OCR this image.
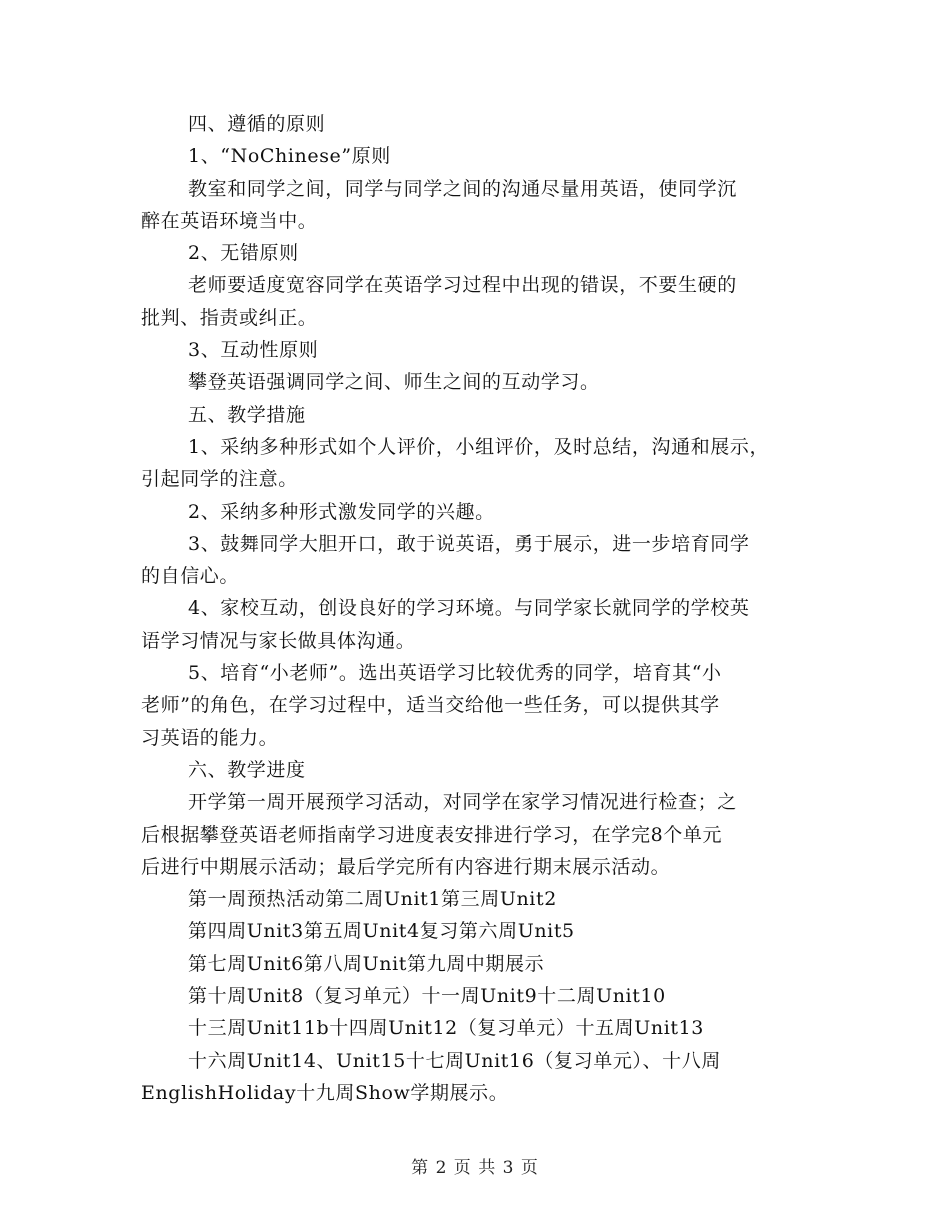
四、遵循的原则
1、“NoChinese”原则
教室和同学之间，同学与同学之间的沟通尽量用英语，使同学沉
醉在英语环境当中。
2、无错原则
老师要适度宽容同学在英语学习过程中出现的错误，不要生硬的
批判、指责或纠正。
3、互动性原则
攀登英语强调同学之间、师生之间的互动学习。
五、教学措施
1、采纳多种形式如个人评价，小组评价，及时总结，沟通和展示，
引起同学的注意。
2、采纳多种形式激发同学的兴趣。
3、鼓舞同学大胆开口，敢于说英语，勇于展示，进一步培育同学
的自信心。
4、家校互动，创设良好的学习环境。与同学家长就同学的学校英
语学习情况与家长做具体沟通。
5、培育“小老师”。选出英语学习比较优秀的同学，培育其“小
老师”的角色，在学习过程中，适当交给他一些任务，可以提供其学
习英语的能力。
六、教学进度
开学第一周开展预学习活动，对同学在家学习情况进行检查；之
后根据攀登英语老师指南学习进度表安排进行学习，在学完8个单元
后进行中期展示活动；最后学完所有内容进行期末展示活动。
第一周预热活动第二周Unit1第三周Unit2
第四周Unit3第五周Unit4复习第六周Unit5
第七周Unit6第八周Unit第九周中期展示
第十周Unit8（复习单元）十一周Unit9十二周Unit10
十三周Unit11b十四周Unit12（复习单元）十五周Unit13
十六周Unit14、Unit15十七周Unit16（复习单元）、十八周
EnglishHoliday十九周Show学期展示。
第 2 页 共 3 页
